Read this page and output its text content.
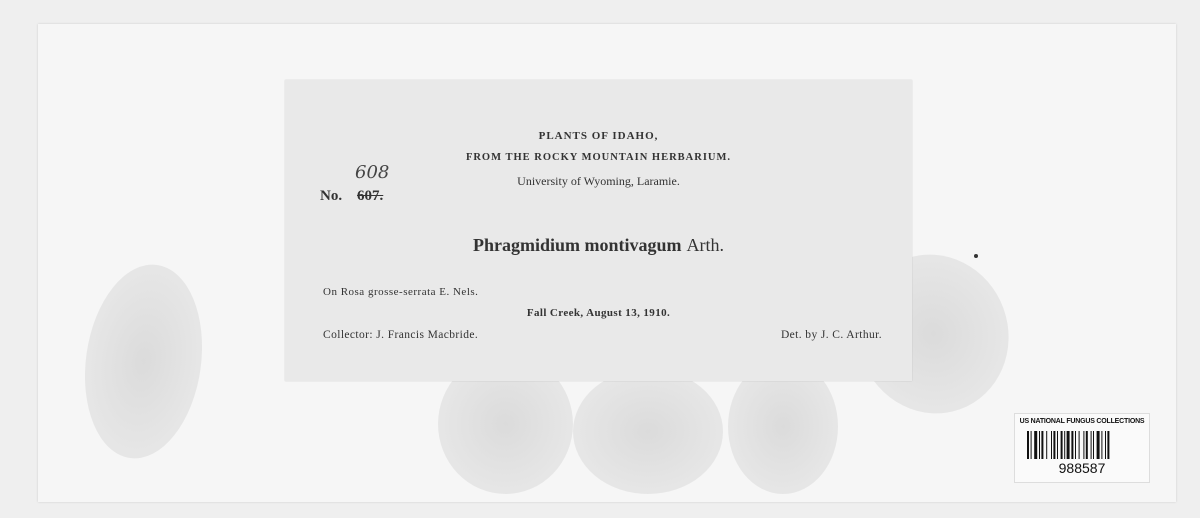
PLANTS OF IDAHO,
FROM THE ROCKY MOUNTAIN HERBARIUM.
University of Wyoming, Laramie.
No. 607.
608
Phragmidium montivagum Arth.
On Rosa grosse-serrata E. Nels.
Fall Creek, August 13, 1910.
Collector: J. Francis Macbride.	Det. by J. C. Arthur.
US NATIONAL FUNGUS COLLECTIONS
988587
